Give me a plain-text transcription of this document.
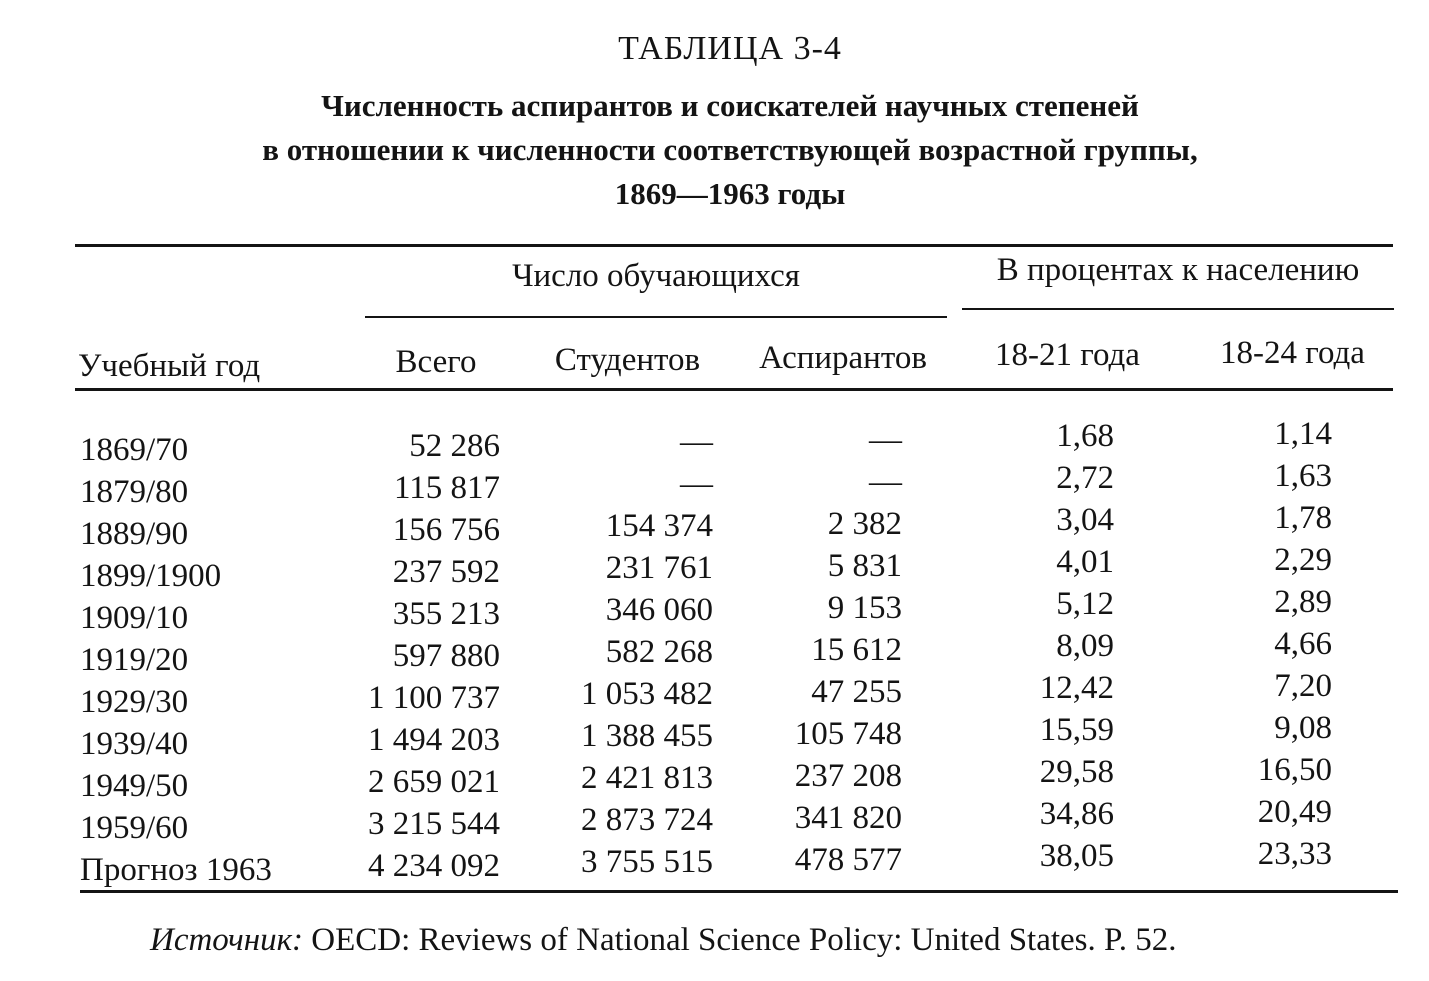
ТАБЛИЦА 3-4
Численность аспирантов и соискателей научных степеней
в отношении к численности соответствующей возрастной группы,
1869—1963 годы
Число обучающихся	В процентах к населению
Учебный год	Всего	Студентов	Аспирантов	18-21 года	18-24 года
1869/70	52 286	—	—	1,68	1,14
1879/80	115 817	—	—	2,72	1,63
1889/90	156 756	154 374	2 382	3,04	1,78
1899/1900	237 592	231 761	5 831	4,01	2,29
1909/10	355 213	346 060	9 153	5,12	2,89
1919/20	597 880	582 268	15 612	8,09	4,66
1929/30	1 100 737	1 053 482	47 255	12,42	7,20
1939/40	1 494 203	1 388 455	105 748	15,59	9,08
1949/50	2 659 021	2 421 813	237 208	29,58	16,50
1959/60	3 215 544	2 873 724	341 820	34,86	20,49
Прогноз 1963	4 234 092	3 755 515	478 577	38,05	23,33
Источник: OECD: Reviews of National Science Policy: United States. P. 52.
